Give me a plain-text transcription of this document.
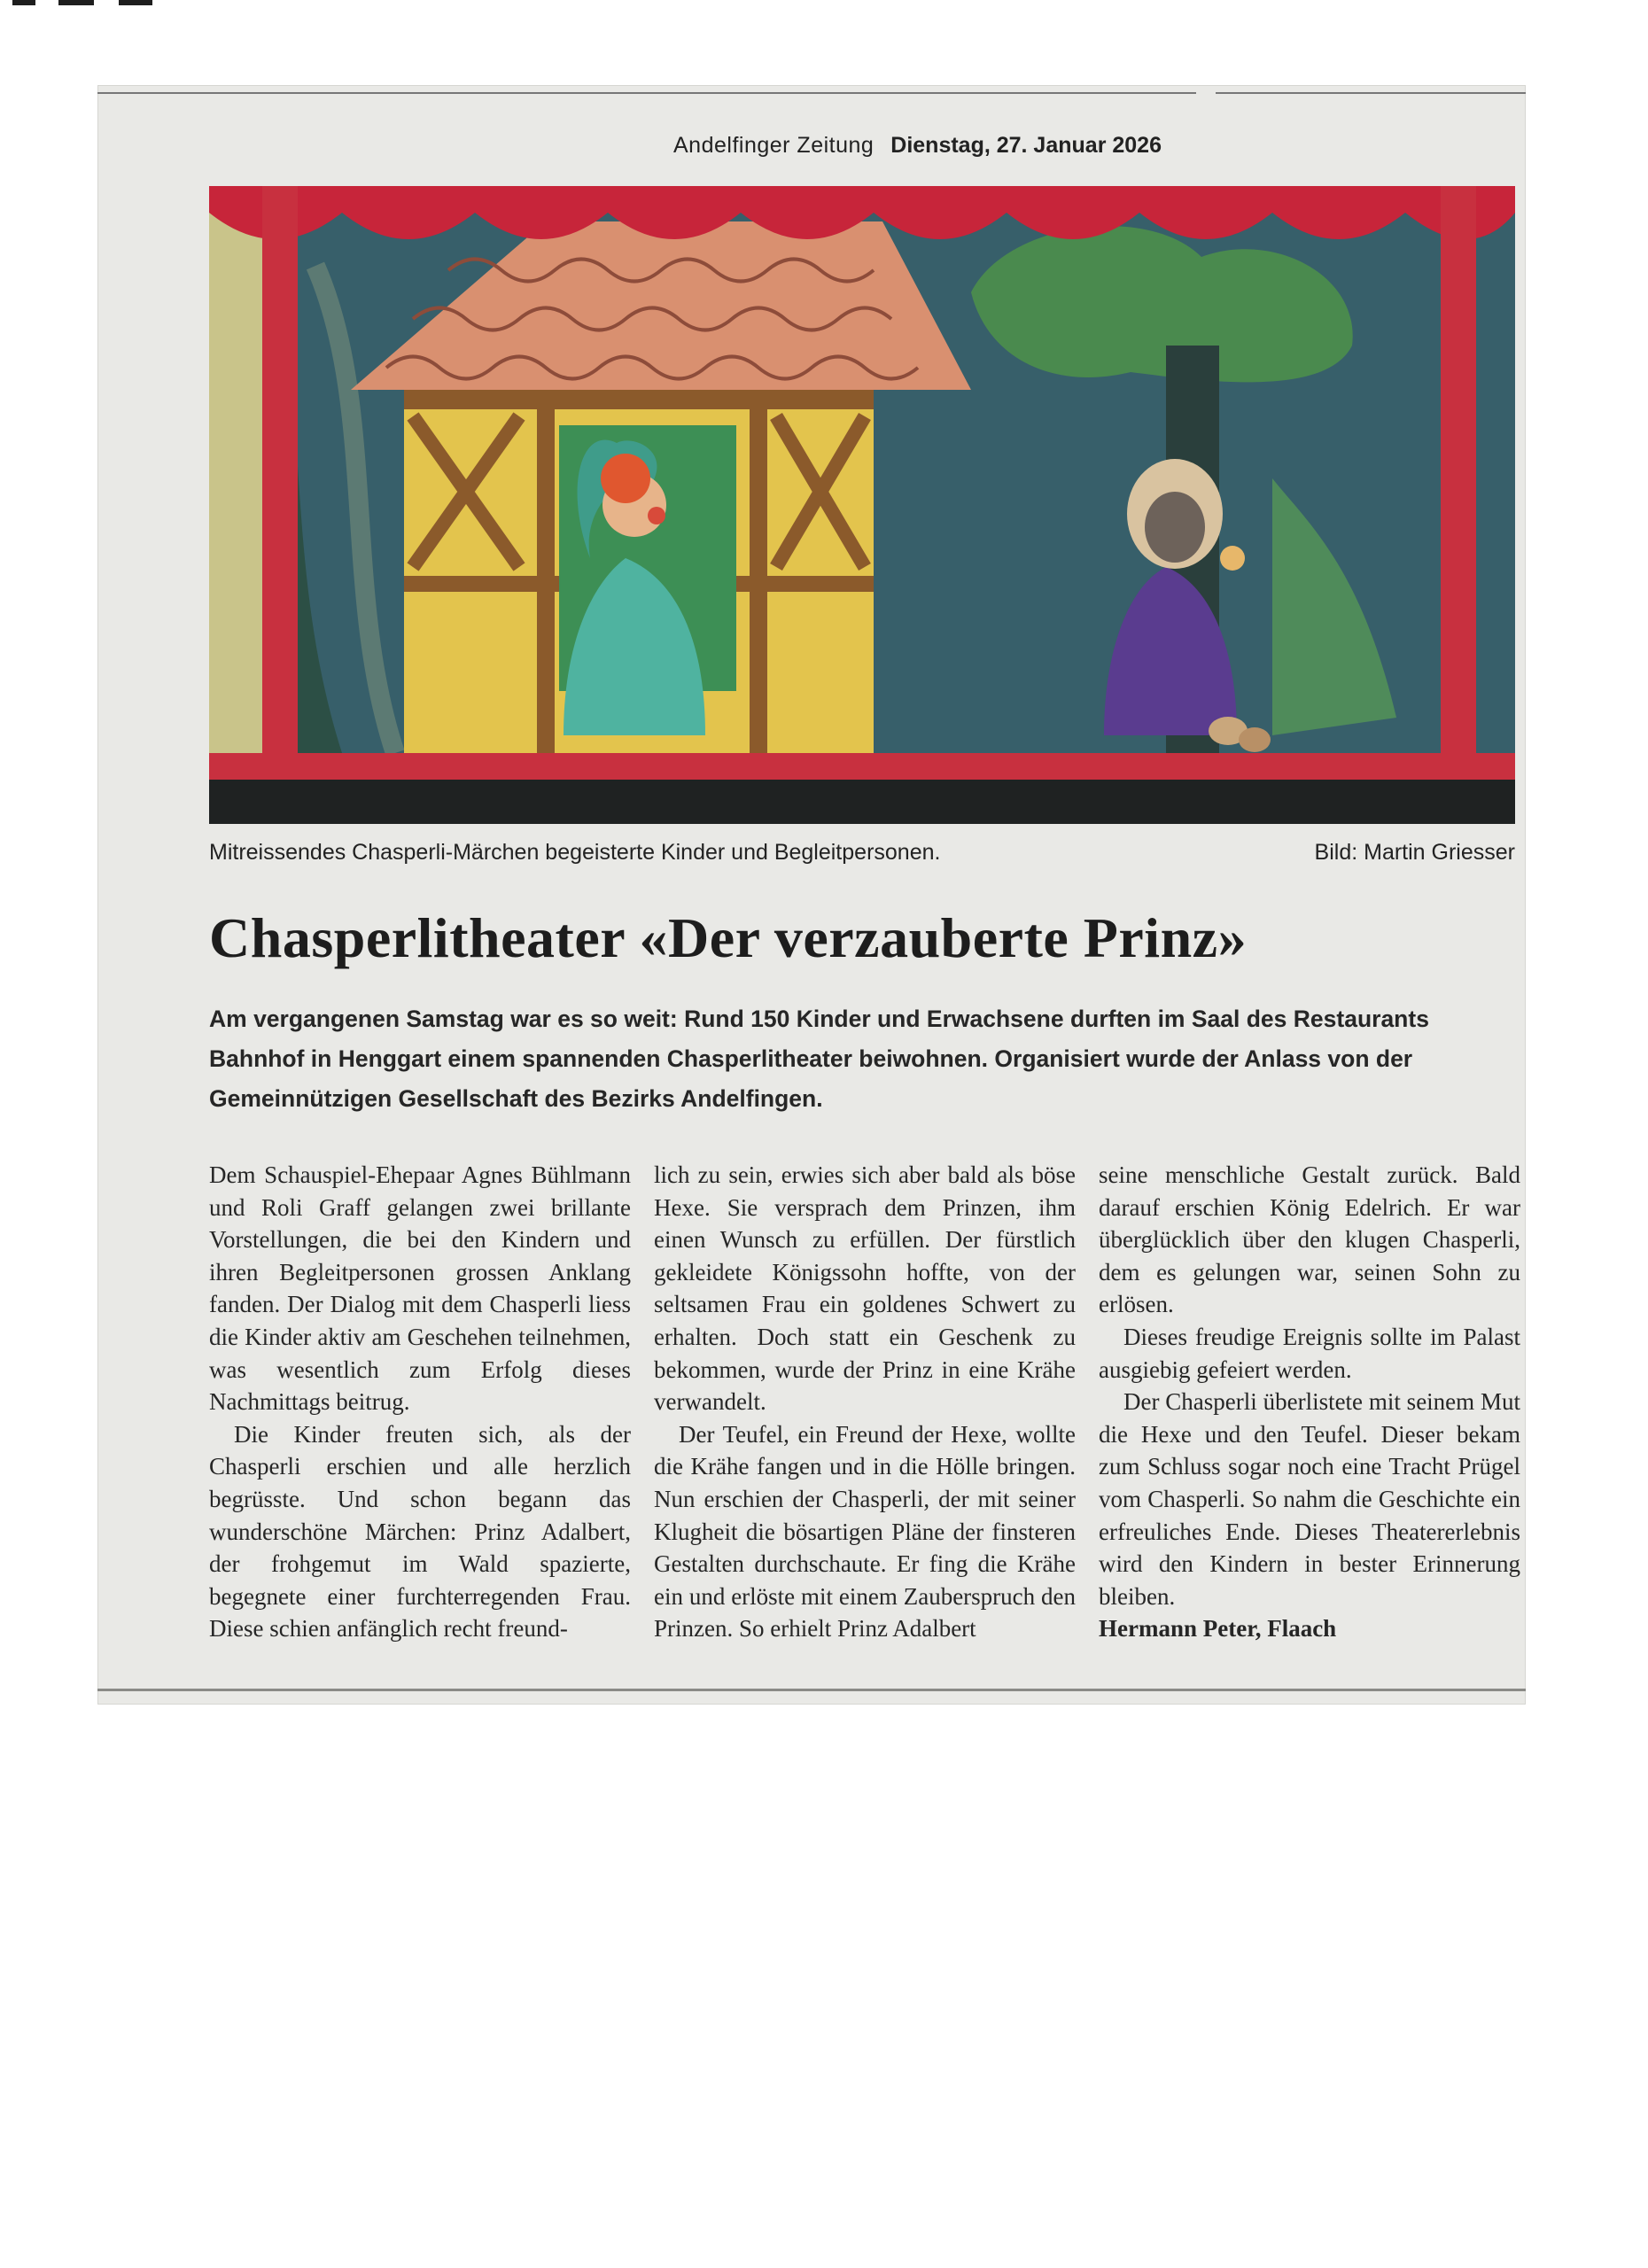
Andelfinger Zeitung Dienstag, 27. Januar 2026
Mitreissendes Chasperli-Märchen begeisterte Kinder und Begleitpersonen.	Bild: Martin Griesser
Chasperlitheater «Der verzauberte Prinz»
Am vergangenen Samstag war es so weit: Rund 150 Kinder und Erwachsene durften im Saal des Restaurants Bahnhof in Henggart einem spannenden Chasperlitheater beiwohnen. Organisiert wurde der Anlass von der Gemeinnützigen Gesellschaft des Bezirks Andelfingen.

Dem Schauspiel-Ehepaar Agnes Bühlmann und Roli Graff gelangen zwei brillante Vorstellungen, die bei den Kindern und ihren Begleitpersonen grossen Anklang fanden. Der Dialog mit dem Chasperli liess die Kinder aktiv am Geschehen teilnehmen, was wesentlich zum Erfolg dieses Nachmittags beitrug.

Die Kinder freuten sich, als der Chasperli erschien und alle herzlich begrüsste. Und schon begann das wunderschöne Märchen: Prinz Adalbert, der frohgemut im Wald spazierte, begegnete einer furchterregenden Frau. Diese schien anfänglich recht freund-

lich zu sein, erwies sich aber bald als böse Hexe. Sie versprach dem Prinzen, ihm einen Wunsch zu erfüllen. Der fürstlich gekleidete Königssohn hoffte, von der seltsamen Frau ein goldenes Schwert zu erhalten. Doch statt ein Geschenk zu bekommen, wurde der Prinz in eine Krähe verwandelt.

Der Teufel, ein Freund der Hexe, wollte die Krähe fangen und in die Hölle bringen. Nun erschien der Chasperli, der mit seiner Klugheit die bösartigen Pläne der finsteren Gestalten durchschaute. Er fing die Krähe ein und erlöste mit einem Zauberspruch den Prinzen. So erhielt Prinz Adalbert

seine menschliche Gestalt zurück. Bald darauf erschien König Edelrich. Er war überglücklich über den klugen Chasperli, dem es gelungen war, seinen Sohn zu erlösen.

Dieses freudige Ereignis sollte im Palast ausgiebig gefeiert werden.

Der Chasperli überlistete mit seinem Mut die Hexe und den Teufel. Dieser bekam zum Schluss sogar noch eine Tracht Prügel vom Chasperli. So nahm die Geschichte ein erfreuliches Ende. Dieses Theatererlebnis wird den Kindern in bester Erinnerung bleiben.

Hermann Peter, Flaach
